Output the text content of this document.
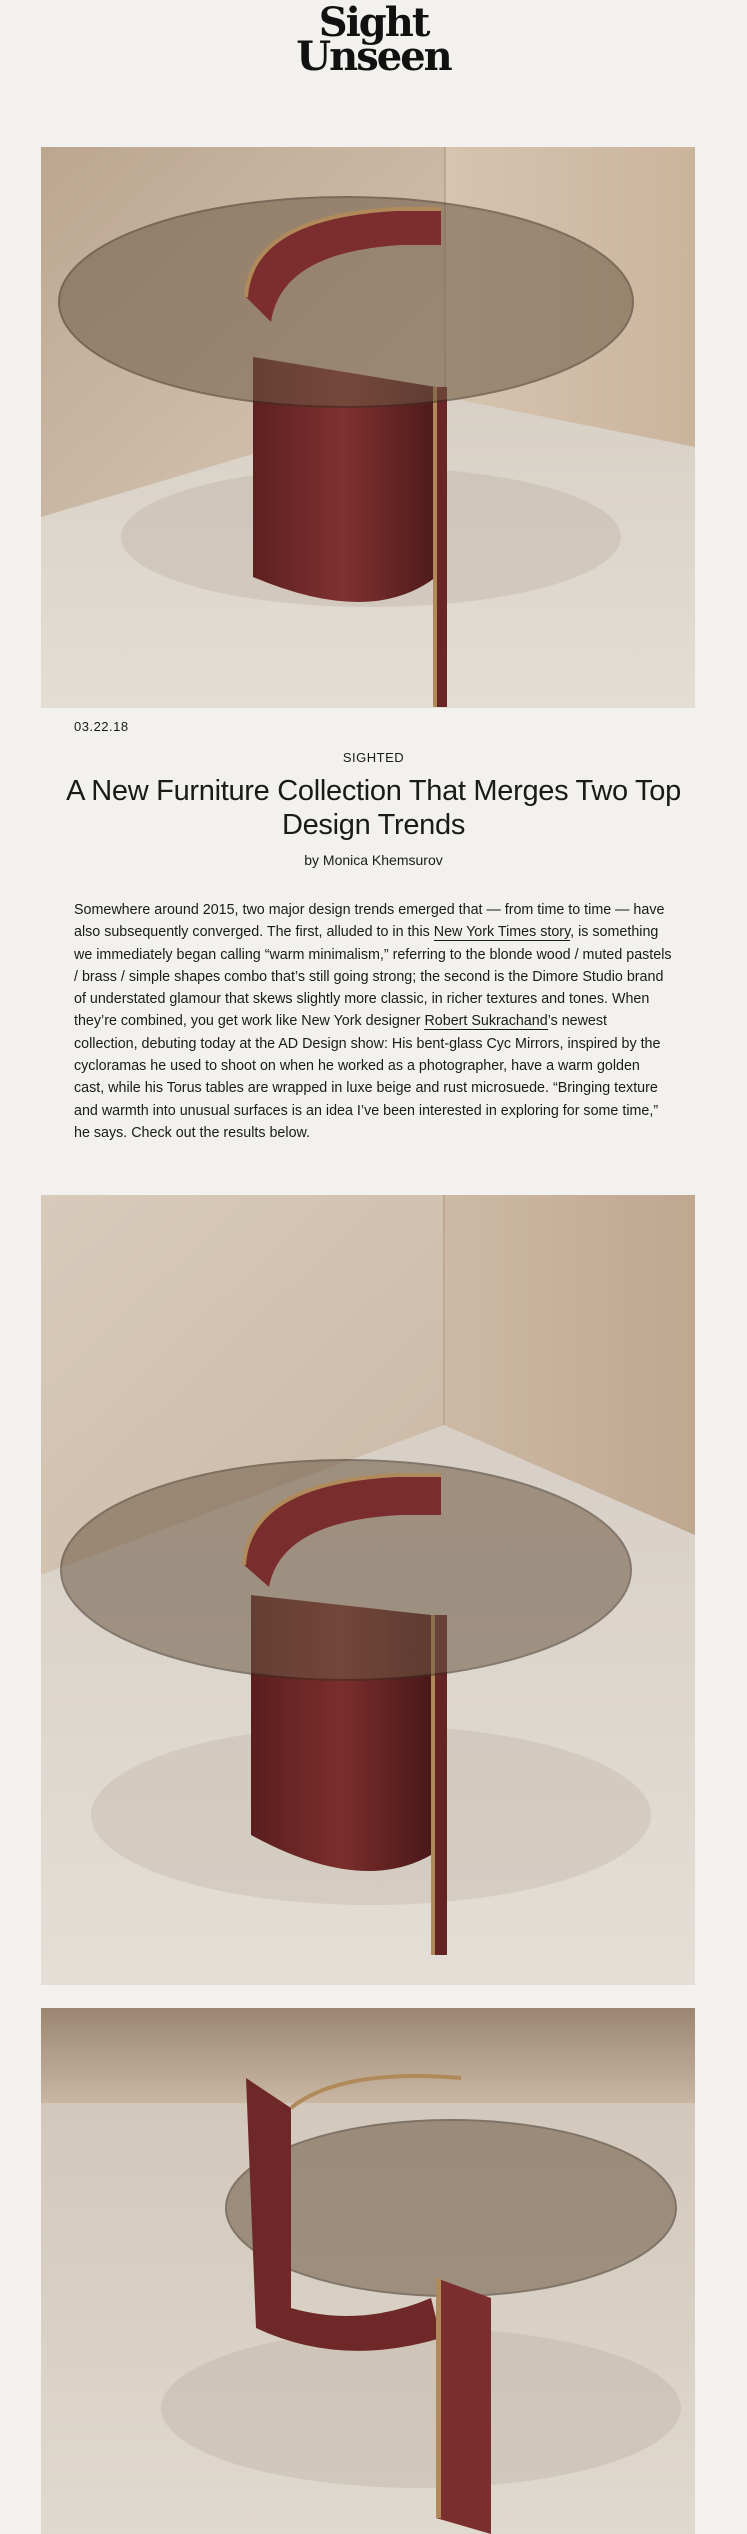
Sight
Unseen
03.22.18
SIGHTED
A New Furniture Collection That Merges Two Top Design Trends
by Monica Khemsurov

Somewhere around 2015, two major design trends emerged that — from time to time — have also subsequently converged. The first, alluded to in this New York Times story, is something we immediately began calling “warm minimalism,” referring to the blonde wood / muted pastels / brass / simple shapes combo that’s still going strong; the second is the Dimore Studio brand of understated glamour that skews slightly more classic, in richer textures and tones. When they’re combined, you get work like New York designer Robert Sukrachand’s newest collection, debuting today at the AD Design show: His bent-glass Cyc Mirrors, inspired by the cycloramas he used to shoot on when he worked as a photographer, have a warm golden cast, while his Torus tables are wrapped in luxe beige and rust microsuede. “Bringing texture and warmth into unusual surfaces is an idea I’ve been interested in exploring for some time,” he says. Check out the results below.
